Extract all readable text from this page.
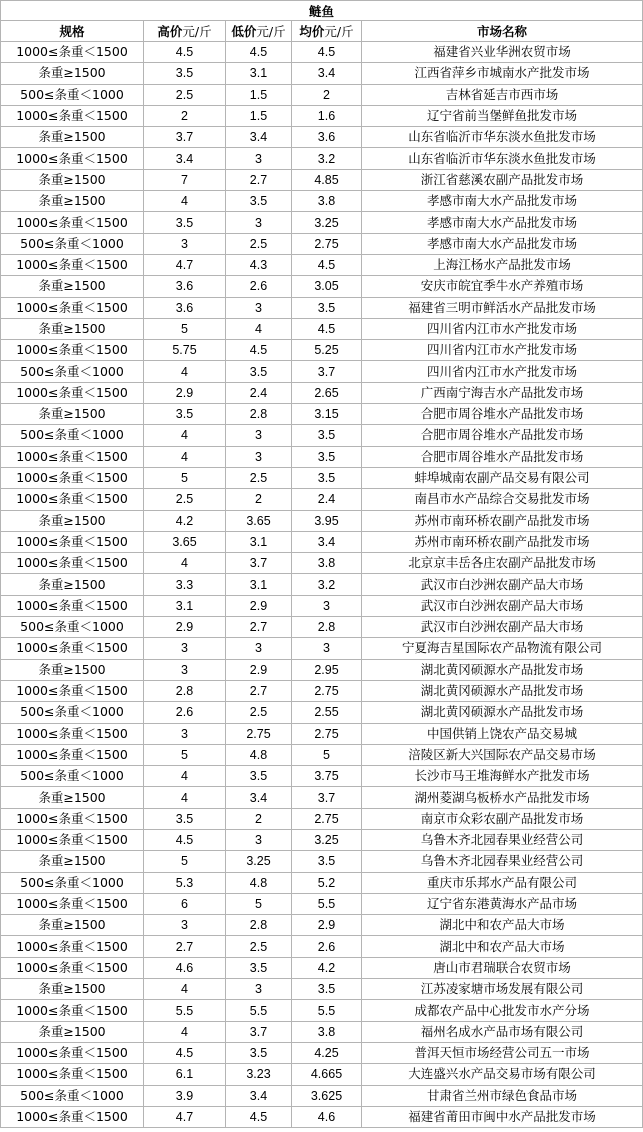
鲢鱼				
规格	高价元/斤	低价元/斤	均价元/斤	市场名称
1000≤条重＜1500	4.5	4.5	4.5	福建省兴业华洲农贸市场
条重≥1500	3.5	3.1	3.4	江西省萍乡市城南水产批发市场
500≤条重＜1000	2.5	1.5	2	吉林省延吉市西市场
1000≤条重＜1500	2	1.5	1.6	辽宁省前当堡鲜鱼批发市场
条重≥1500	3.7	3.4	3.6	山东省临沂市华东淡水鱼批发市场
1000≤条重＜1500	3.4	3	3.2	山东省临沂市华东淡水鱼批发市场
条重≥1500	7	2.7	4.85	浙江省慈溪农副产品批发市场
条重≥1500	4	3.5	3.8	孝感市南大水产品批发市场
1000≤条重＜1500	3.5	3	3.25	孝感市南大水产品批发市场
500≤条重＜1000	3	2.5	2.75	孝感市南大水产品批发市场
1000≤条重＜1500	4.7	4.3	4.5	上海江杨水产品批发市场
条重≥1500	3.6	2.6	3.05	安庆市皖宜季牛水产养殖市场
1000≤条重＜1500	3.6	3	3.5	福建省三明市鲜活水产品批发市场
条重≥1500	5	4	4.5	四川省内江市水产批发市场
1000≤条重＜1500	5.75	4.5	5.25	四川省内江市水产批发市场
500≤条重＜1000	4	3.5	3.7	四川省内江市水产批发市场
1000≤条重＜1500	2.9	2.4	2.65	广西南宁海吉水产品批发市场
条重≥1500	3.5	2.8	3.15	合肥市周谷堆水产品批发市场
500≤条重＜1000	4	3	3.5	合肥市周谷堆水产品批发市场
1000≤条重＜1500	4	3	3.5	合肥市周谷堆水产品批发市场
1000≤条重＜1500	5	2.5	3.5	蚌埠城南农副产品交易有限公司
1000≤条重＜1500	2.5	2	2.4	南昌市水产品综合交易批发市场
条重≥1500	4.2	3.65	3.95	苏州市南环桥农副产品批发市场
1000≤条重＜1500	3.65	3.1	3.4	苏州市南环桥农副产品批发市场
1000≤条重＜1500	4	3.7	3.8	北京京丰岳各庄农副产品批发市场
条重≥1500	3.3	3.1	3.2	武汉市白沙洲农副产品大市场
1000≤条重＜1500	3.1	2.9	3	武汉市白沙洲农副产品大市场
500≤条重＜1000	2.9	2.7	2.8	武汉市白沙洲农副产品大市场
1000≤条重＜1500	3	3	3	宁夏海吉星国际农产品物流有限公司
条重≥1500	3	2.9	2.95	湖北黄冈硕源水产品批发市场
1000≤条重＜1500	2.8	2.7	2.75	湖北黄冈硕源水产品批发市场
500≤条重＜1000	2.6	2.5	2.55	湖北黄冈硕源水产品批发市场
1000≤条重＜1500	3	2.75	2.75	中国供销上饶农产品交易城
1000≤条重＜1500	5	4.8	5	涪陵区新大兴国际农产品交易市场
500≤条重＜1000	4	3.5	3.75	长沙市马王堆海鲜水产批发市场
条重≥1500	4	3.4	3.7	湖州菱湖乌板桥水产品批发市场
1000≤条重＜1500	3.5	2	2.75	南京市众彩农副产品批发市场
1000≤条重＜1500	4.5	3	3.25	乌鲁木齐北园春果业经营公司
条重≥1500	5	3.25	3.5	乌鲁木齐北园春果业经营公司
500≤条重＜1000	5.3	4.8	5.2	重庆市乐邦水产品有限公司
1000≤条重＜1500	6	5	5.5	辽宁省东港黄海水产品市场
条重≥1500	3	2.8	2.9	湖北中和农产品大市场
1000≤条重＜1500	2.7	2.5	2.6	湖北中和农产品大市场
1000≤条重＜1500	4.6	3.5	4.2	唐山市君瑞联合农贸市场
条重≥1500	4	3	3.5	江苏凌家塘市场发展有限公司
1000≤条重＜1500	5.5	5.5	5.5	成都农产品中心批发市水产分场
条重≥1500	4	3.7	3.8	福州名成水产品市场有限公司
1000≤条重＜1500	4.5	3.5	4.25	普洱天恒市场经营公司五一市场
1000≤条重＜1500	6.1	3.23	4.665	大连盛兴水产品交易市场有限公司
500≤条重＜1000	3.9	3.4	3.625	甘肃省兰州市绿色食品市场
1000≤条重＜1500	4.7	4.5	4.6	福建省莆田市闽中水产品批发市场
